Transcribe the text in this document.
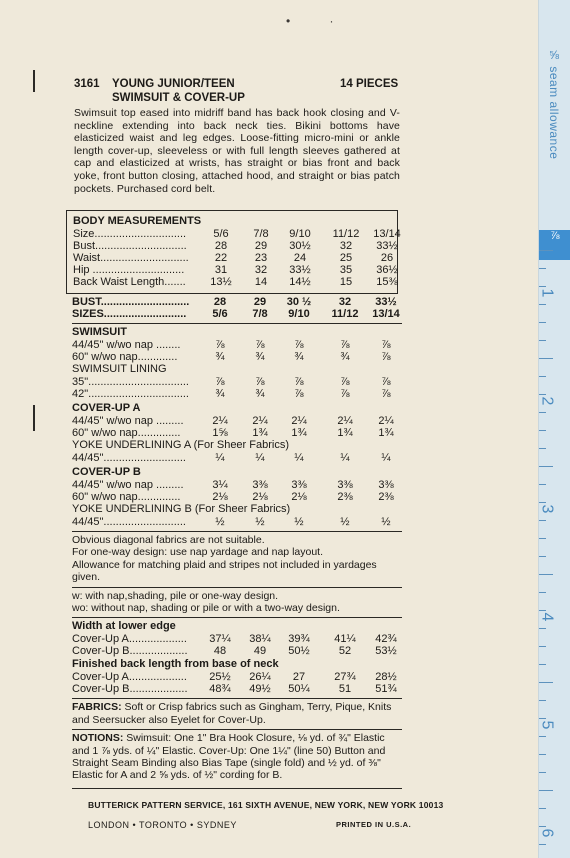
• ·
3161 YOUNG JUNIOR/TEEN	14 PIECES
SWIMSUIT & COVER-UP
Swimsuit top eased into midriff band has back hook closing and V-neckline extending into back neck ties. Bikini bottoms have elasticized waist and leg edges. Loose-fitting micro-mini or ankle length cover-up, sleeveless or with full length sleeves gathered at cap and elasticized at wrists, has straight or bias front and back yoke, front button closing, attached hood, and straight or bias patch pockets. Purchased cord belt.
BODY MEASUREMENTS
Size..............................	5/6	7/8	9/10	11/12	13/14
Bust..............................	28	29	30½	32	33½
Waist.............................	22	23	24	25	26
Hip ..............................	31	32	33½	35	36½
Back Waist Length.......	13½	14	14½	15	15⅜
BUST.............................	28	29	30 ½	32	33½
SIZES...........................	5/6	7/8	9/10	11/12	13/14
SWIMSUIT
44/45" w/wo nap ........	⅞	⅞	⅞	⅞	⅞
60" w/wo nap.............	¾	¾	¾	¾	⅞
SWIMSUIT LINING
35".................................	⅞	⅞	⅞	⅞	⅞
42".................................	¾	¾	⅞	⅞	⅞
COVER-UP A
44/45" w/wo nap .........	2¼	2¼	2¼	2¼	2¼
60" w/wo nap..............	1⅝	1¾	1¾	1¾	1¾
YOKE UNDERLINING A (For Sheer Fabrics)
44/45"...........................	¼	¼	¼	¼	¼
COVER-UP B
44/45" w/wo nap .........	3¼	3⅜	3⅜	3⅜	3⅜
60" w/wo nap..............	2⅛	2⅛	2⅛	2⅜	2⅜
YOKE UNDERLINING B (For Sheer Fabrics)
44/45"...........................	½	½	½	½	½
Obvious diagonal fabrics are not suitable.
For one-way design: use nap yardage and nap layout.
Allowance for matching plaid and stripes not included in yardages given.
w: with nap,shading, pile or one-way design.
wo: without nap, shading or pile or with a two-way design.
Width at lower edge
Cover-Up A...................	37¼	38¼	39¾	41¼	42¾
Cover-Up B...................	48	49	50½	52	53½
Finished back length from base of neck
Cover-Up A...................	25½	26¼	27	27¾	28½
Cover-Up B...................	48¾	49½	50¼	51	51¾
FABRICS: Soft or Crisp fabrics such as Gingham, Terry, Pique, Knits and Seersucker also Eyelet for Cover-Up.
NOTIONS: Swimsuit: One 1" Bra Hook Closure, ⅛ yd. of ¾" Elastic and 1 ⅞ yds. of ¼" Elastic. Cover-Up: One 1¼" (line 50) Button and Straight Seam Binding also Bias Tape (single fold) and ½ yd. of ⅜" Elastic for A and 2 ⅝ yds. of ½" cording for B.
BUTTERICK PATTERN SERVICE, 161 SIXTH AVENUE, NEW YORK, NEW YORK 10013
LONDON • TORONTO • SYDNEY	PRINTED IN U.S.A.
⅝ seam allowance
⅞
1
2
3
4
5
6
